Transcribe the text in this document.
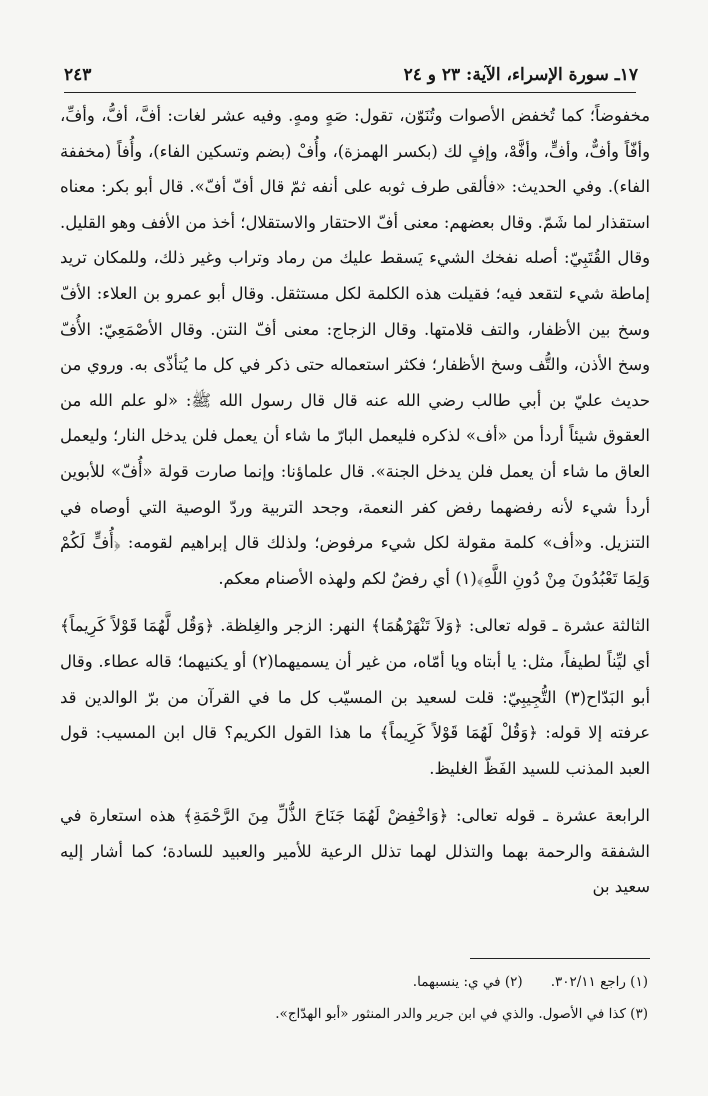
١٧ـ سورة الإسراء، الآية: ٢٣ و ٢٤
٢٤٣

مخفوضاً؛ كما تُخفض الأصوات وتُنَوّن، تقول: صَهٍ ومهٍ. وفيه عشر لغات: أفَّ، أفُّ، وأفِّ، وأفّاً وأفٌّ، وأفٍّ، وأفَّهْ، وإفٍ لك (بكسر الهمزة)، وأُفْ (بضم وتسكين الفاء)، وأُفاً (مخففة الفاء). وفي الحديث: «فألقى طرف ثوبه على أنفه ثمّ قال أفّ أفّ». قال أبو بكر: معناه استقذار لما شَمّ. وقال بعضهم: معنى أفّ الاحتقار والاستقلال؛ أخذ من الأفف وهو القليل. وقال القُتَبِيّ: أصله نفخك الشيء يَسقط عليك من رماد وتراب وغير ذلك، وللمكان تريد إماطة شيء لتقعد فيه؛ فقيلت هذه الكلمة لكل مستثقل. وقال أبو عمرو بن العلاء: الأفّ وسخ بين الأظفار، والتف قلامتها. وقال الزجاج: معنى أفّ النتن. وقال الأصْمَعِيّ: الأُفّ وسخ الأذن، والتُّف وسخ الأظفار؛ فكثر استعماله حتى ذكر في كل ما يُتأذّى به. وروي من حديث عليّ بن أبي طالب رضي الله عنه قال قال رسول الله ﷺ: «لو علم الله من العقوق شيئاً أردأ من «أف» لذكره فليعمل البارّ ما شاء أن يعمل فلن يدخل النار؛ وليعمل العاق ما شاء أن يعمل فلن يدخل الجنة». قال علماؤنا: وإنما صارت قولة «أُفّ» للأبوين أردأ شيء لأنه رفضهما رفض كفر النعمة، وجحد التربية وردّ الوصية التي أوصاه في التنزيل. و«أف» كلمة مقولة لكل شيء مرفوض؛ ولذلك قال إبراهيم لقومه: ﴿أُفٍّ لَكُمْ وَلِمَا تَعْبُدُونَ مِنْ دُونِ اللَّهِ﴾(١) أي رفضٌ لكم ولهذه الأصنام معكم.

الثالثة عشرة ـ قوله تعالى: ﴿وَلاَ تَنْهَرْهُمَا﴾ النهر: الزجر والغِلظة. ﴿وَقُل لَّهُمَا قَوْلاً كَرِيماً﴾ أي ليِّناً لطيفاً، مثل: يا أبتاه ويا أمّاه، من غير أن يسميهما(٢) أو يكنيهما؛ قاله عطاء. وقال أبو البَدّاح(٣) التُّجِيبِيّ: قلت لسعيد بن المسيّب كل ما في القرآن من برّ الوالدين قد عرفته إلا قوله: ﴿وَقُلْ لَهُمَا قَوْلاً كَرِيماً﴾ ما هذا القول الكريم؟ قال ابن المسيب: قول العبد المذنب للسيد الفَظّ الغليظ.

الرابعة عشرة ـ قوله تعالى: ﴿وَاخْفِضْ لَهُمَا جَنَاحَ الذُّلِّ مِنَ الرَّحْمَةِ﴾ هذه استعارة في الشفقة والرحمة بهما والتذلل لهما تذلل الرعية للأمير والعبيد للسادة؛ كما أشار إليه سعيد بن

(١) راجع ٣٠٢/١١.
(٢) في ي: ينسبهما.
(٣) كذا في الأصول. والذي في ابن جرير والدر المنثور «أبو الهدّاج».
